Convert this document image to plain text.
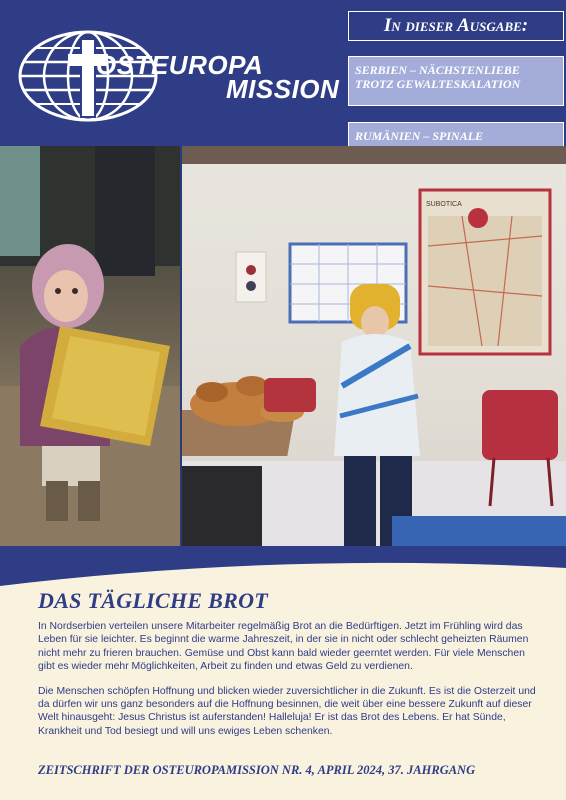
OSTEUROPA
MISSION
In dieser Ausgabe:
SERBIEN – NÄCHSTENLIEBE TROTZ GEWALTESKALATION
RUMÄNIEN – SPINALE
SUBOTICA
DAS TÄGLICHE BROT

In Nordserbien verteilen unsere Mitarbeiter regelmäßig Brot an die Bedürftigen. Jetzt im Frühling wird das Leben für sie leichter. Es beginnt die warme Jahreszeit, in der sie in nicht oder schlecht geheizten Räumen nicht mehr zu frieren brauchen. Gemüse und Obst kann bald wieder geerntet werden. Für viele Menschen gibt es wieder mehr Möglichkeiten, Arbeit zu finden und etwas Geld zu verdienen.

Die Menschen schöpfen Hoffnung und blicken wieder zuversichtlicher in die Zukunft. Es ist die Osterzeit und da dürfen wir uns ganz besonders auf die Hoffnung besinnen, die weit über eine bessere Zukunft auf dieser Welt hinausgeht: Jesus Christus ist auferstanden! Halleluja! Er ist das Brot des Lebens. Er hat Sünde, Krankheit und Tod besiegt und will uns ewiges Leben schenken.

ZEITSCHRIFT DER OSTEUROPAMISSION NR. 4, APRIL 2024, 37. JAHRGANG
